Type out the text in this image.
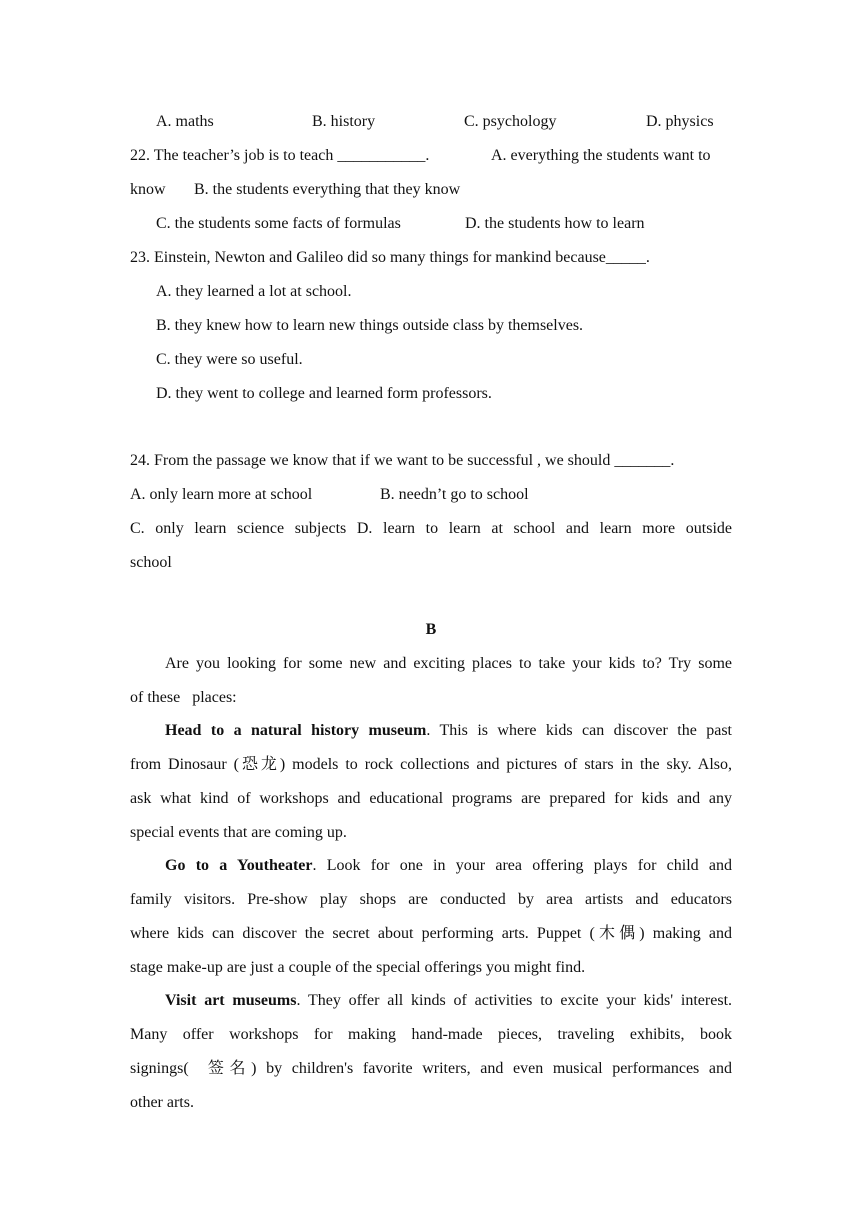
A. maths	B. history	C. psychology	D. physics
22. The teacher’s job is to teach ___________.	A. everything the students want to
know B. the students everything that they know
C. the students some facts of formulas	D. the students how to learn
23. Einstein, Newton and Galileo did so many things for mankind because_____.
A. they learned a lot at school.
B. they knew how to learn new things outside class by themselves.
C. they were so useful.
D. they went to college and learned form professors.
24. From the passage we know that if we want to be successful , we should _______.
A. only learn more at school	B. needn’t go to school
C. only learn science subjects D. learn to learn at school and learn more outside
school
B
Are you looking for some new and exciting places to take your kids to? Try some
of these   places:
Head to a natural history museum. This is where kids can discover the past
from Dinosaur (恐龙) models to rock collections and pictures of stars in the sky. Also,
ask what kind of workshops and educational programs are prepared for kids and any
special events that are coming up.
Go to a Youtheater. Look for one in your area offering plays for child and
family visitors. Pre-show play shops are conducted by area artists and educators
where kids can discover the secret about performing arts. Puppet (木偶) making and
stage make-up are just a couple of the special offerings you might find.
Visit art museums. They offer all kinds of activities to excite your kids' interest.
Many offer workshops for making hand-made pieces, traveling exhibits, book
signings(  签名) by children's favorite writers, and even musical performances and
other arts.
